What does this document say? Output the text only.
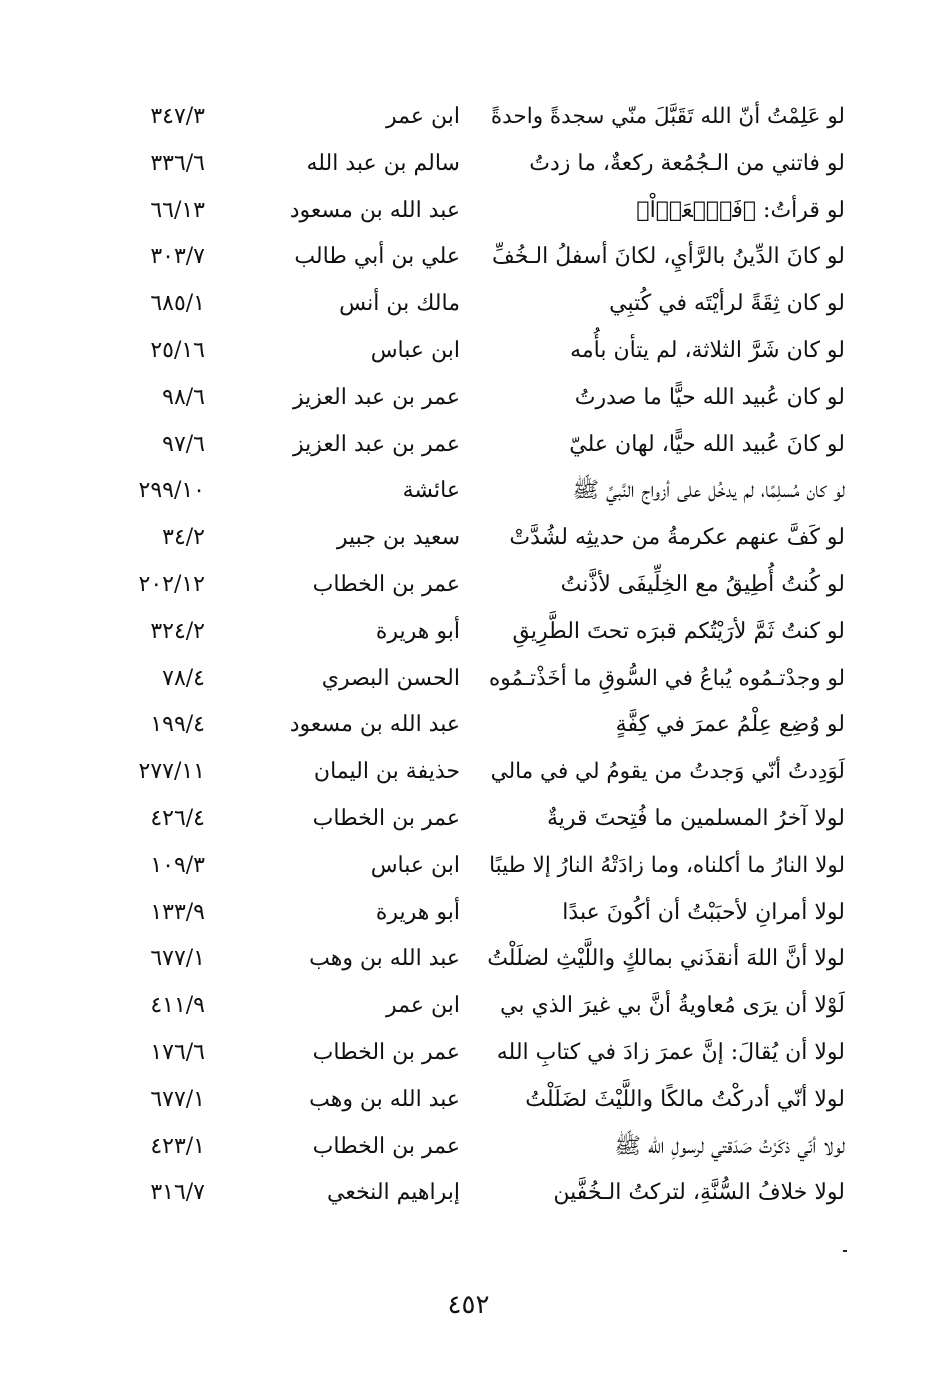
لو عَلِمْتُ أنّ الله تَقَبَّلَ منّي سجدةً واحدةً
ابن عمر
٣٤٧/٣
لو فاتني من الـجُمُعة ركعةٌ، ما زدتُ
سالم بن عبد الله
٣٣٦/٦
لو قرأتُ: ﴿فَٱسۡعَوۡاْ﴾
عبد الله بن مسعود
٦٦/١٣
لو كانَ الدِّينُ بالرَّأيِ، لكانَ أسفلُ الـخُفِّ
علي بن أبي طالب
٣٠٣/٧
لو كان ثِقَةً لرأيْتَه في كُتبِي
مالك بن أنس
٦٨٥/١
لو كان شَرَّ الثلاثة، لم يتأن بأُمه
ابن عباس
٢٥/١٦
لو كان عُبيد الله حيًّا ما صدرتُ
عمر بن عبد العزيز
٩٨/٦
لو كانَ عُبيد الله حيًّا، لهان عليّ
عمر بن عبد العزيز
٩٧/٦
لو كان مُسلِمًا، لم يدخُل على أزواج النَّبيِّ ﷺ
عائشة
٢٩٩/١٠
لو كَفَّ عنهم عكرمةُ من حديثِه لشُدَّتْ
سعيد بن جبير
٣٤/٢
لو كُنتُ أُطِيقُ مع الخِلِّيفَى لأذَّنتُ
عمر بن الخطاب
٢٠٢/١٢
لو كنتُ ثَمَّ لأرَيْتُكم قبرَه تحتَ الطَّرِيقِ
أبو هريرة
٣٢٤/٢
لو وجدْتـمُوه يُباعُ في السُّوقِ ما أخَذْتـمُوه
الحسن البصري
٧٨/٤
لو وُضِع عِلْمُ عمرَ في كِفَّةٍ
عبد الله بن مسعود
١٩٩/٤
لَوَدِدتُ أنّي وَجدتُ من يقومُ لي في مالي
حذيفة بن اليمان
٢٧٧/١١
لولا آخرُ المسلمين ما فُتِحتَ قريةٌ
عمر بن الخطاب
٤٢٦/٤
لولا النارُ ما أكلناه، وما زادَتْهُ النارُ إلا طيبًا
ابن عباس
١٠٩/٣
لولا أمرانِ لأحبَبْتُ أن أكُونَ عبدًا
أبو هريرة
١٣٣/٩
لولا أنَّ اللهَ أنقذَني بمالكٍ واللَّيْثِ لضلَلْتُ
عبد الله بن وهب
٦٧٧/١
لَوْلا أن يرَى مُعاويةُ أنَّ بي غيرَ الذي بي
ابن عمر
٤١١/٩
لولا أن يُقالَ: إنَّ عمرَ زادَ في كتابِ الله
عمر بن الخطاب
١٧٦/٦
لولا أنّي أدركْتُ مالكًا واللَّيْثَ لضَلَلْتُ
عبد الله بن وهب
٦٧٧/١
لولا أنّي ذكَرْتُ صَدَقتي لرسولِ الله ﷺ
عمر بن الخطاب
٤٢٣/١
لولا خلافُ السُّنَّةِ، لتركتُ الـخُفَّين
إبراهيم النخعي
٣١٦/٧
٤٥٢
